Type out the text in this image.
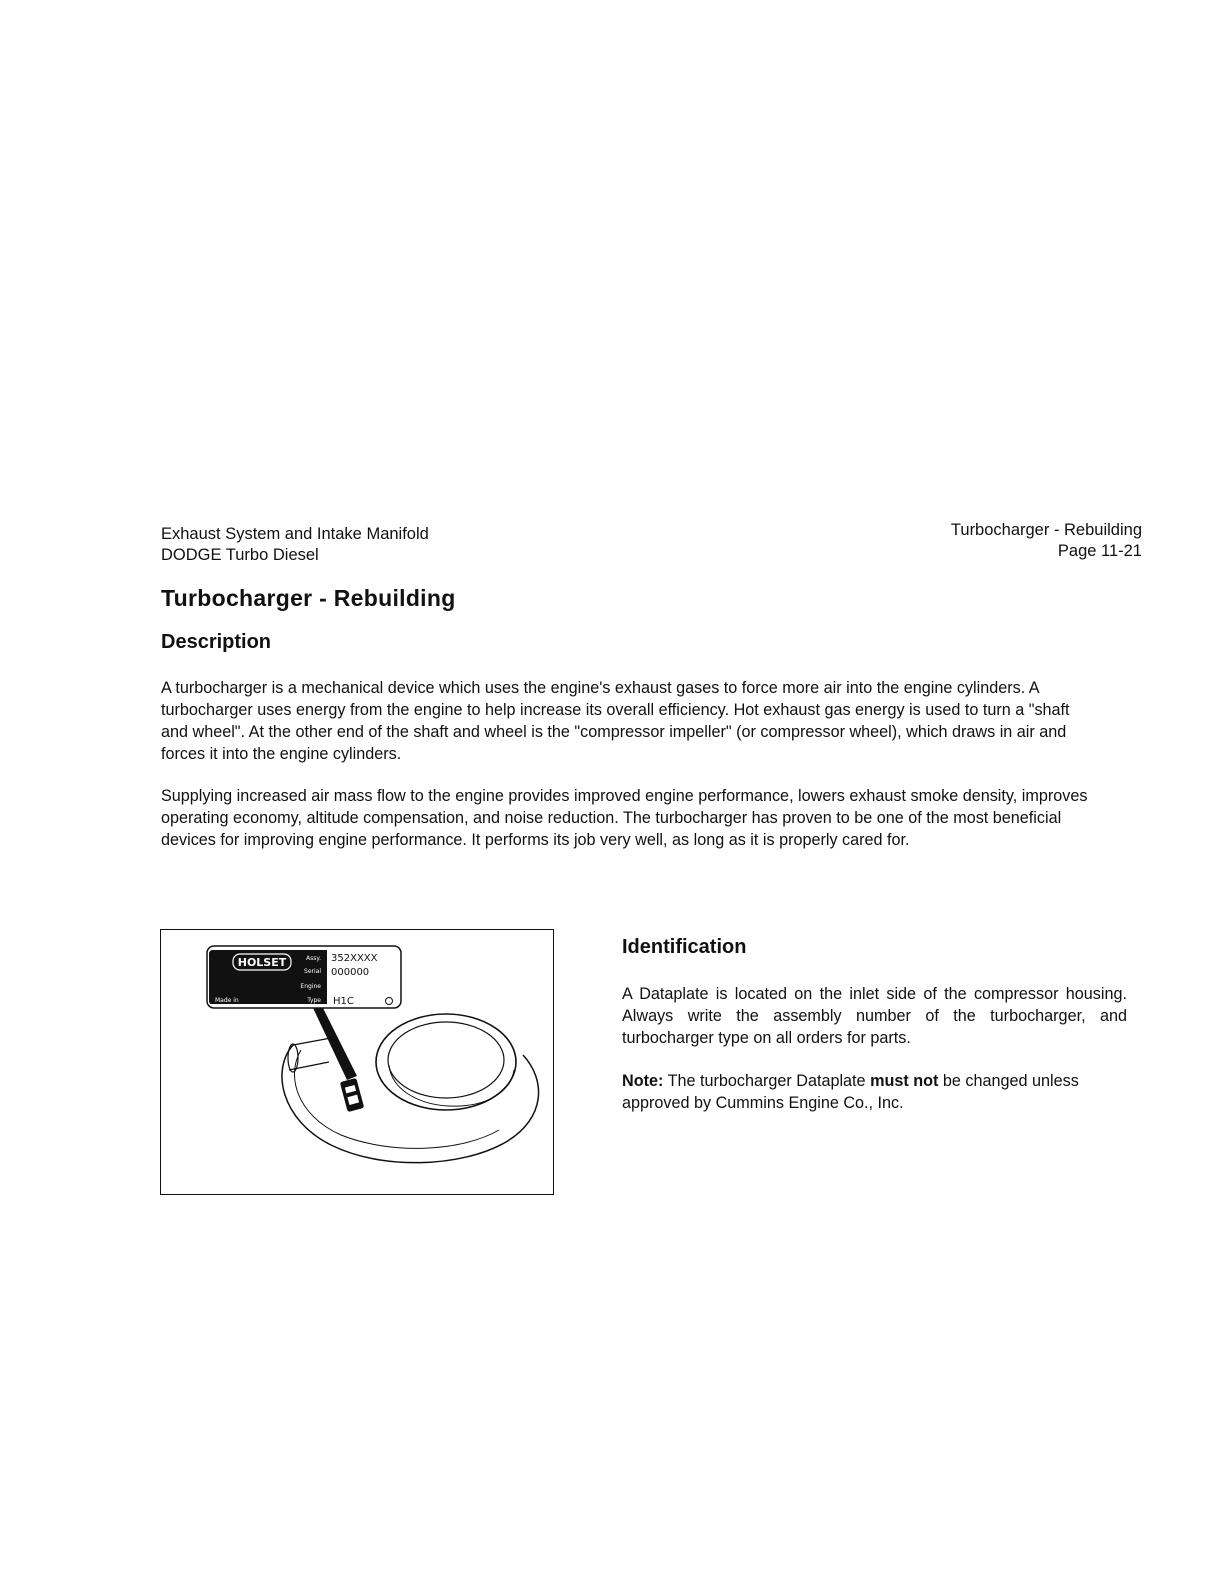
Exhaust System and Intake Manifold
DODGE Turbo Diesel
Turbocharger - Rebuilding
Page 11-21
Turbocharger - Rebuilding
Description

A turbocharger is a mechanical device which uses the engine's exhaust gases to force more air into the engine cylinders. A turbocharger uses energy from the engine to help increase its overall efficiency. Hot exhaust gas energy is used to turn a "shaft and wheel". At the other end of the shaft and wheel is the "compressor impeller" (or compressor wheel), which draws in air and forces it into the engine cylinders.

Supplying increased air mass flow to the engine provides improved engine performance, lowers exhaust smoke density, improves operating economy, altitude compensation, and noise reduction. The turbocharger has proven to be one of the most beneficial devices for improving engine performance. It performs its job very well, as long as it is properly cared for.

HOLSET	Assy.
Serial
Engine
Made in	Type
352XXXX
000000
H1C
Identification

A Dataplate is located on the inlet side of the compressor housing. Always write the assembly number of the turbocharger, and turbocharger type on all orders for parts.

Note: The turbocharger Dataplate must not be changed unless approved by Cummins Engine Co., Inc.
